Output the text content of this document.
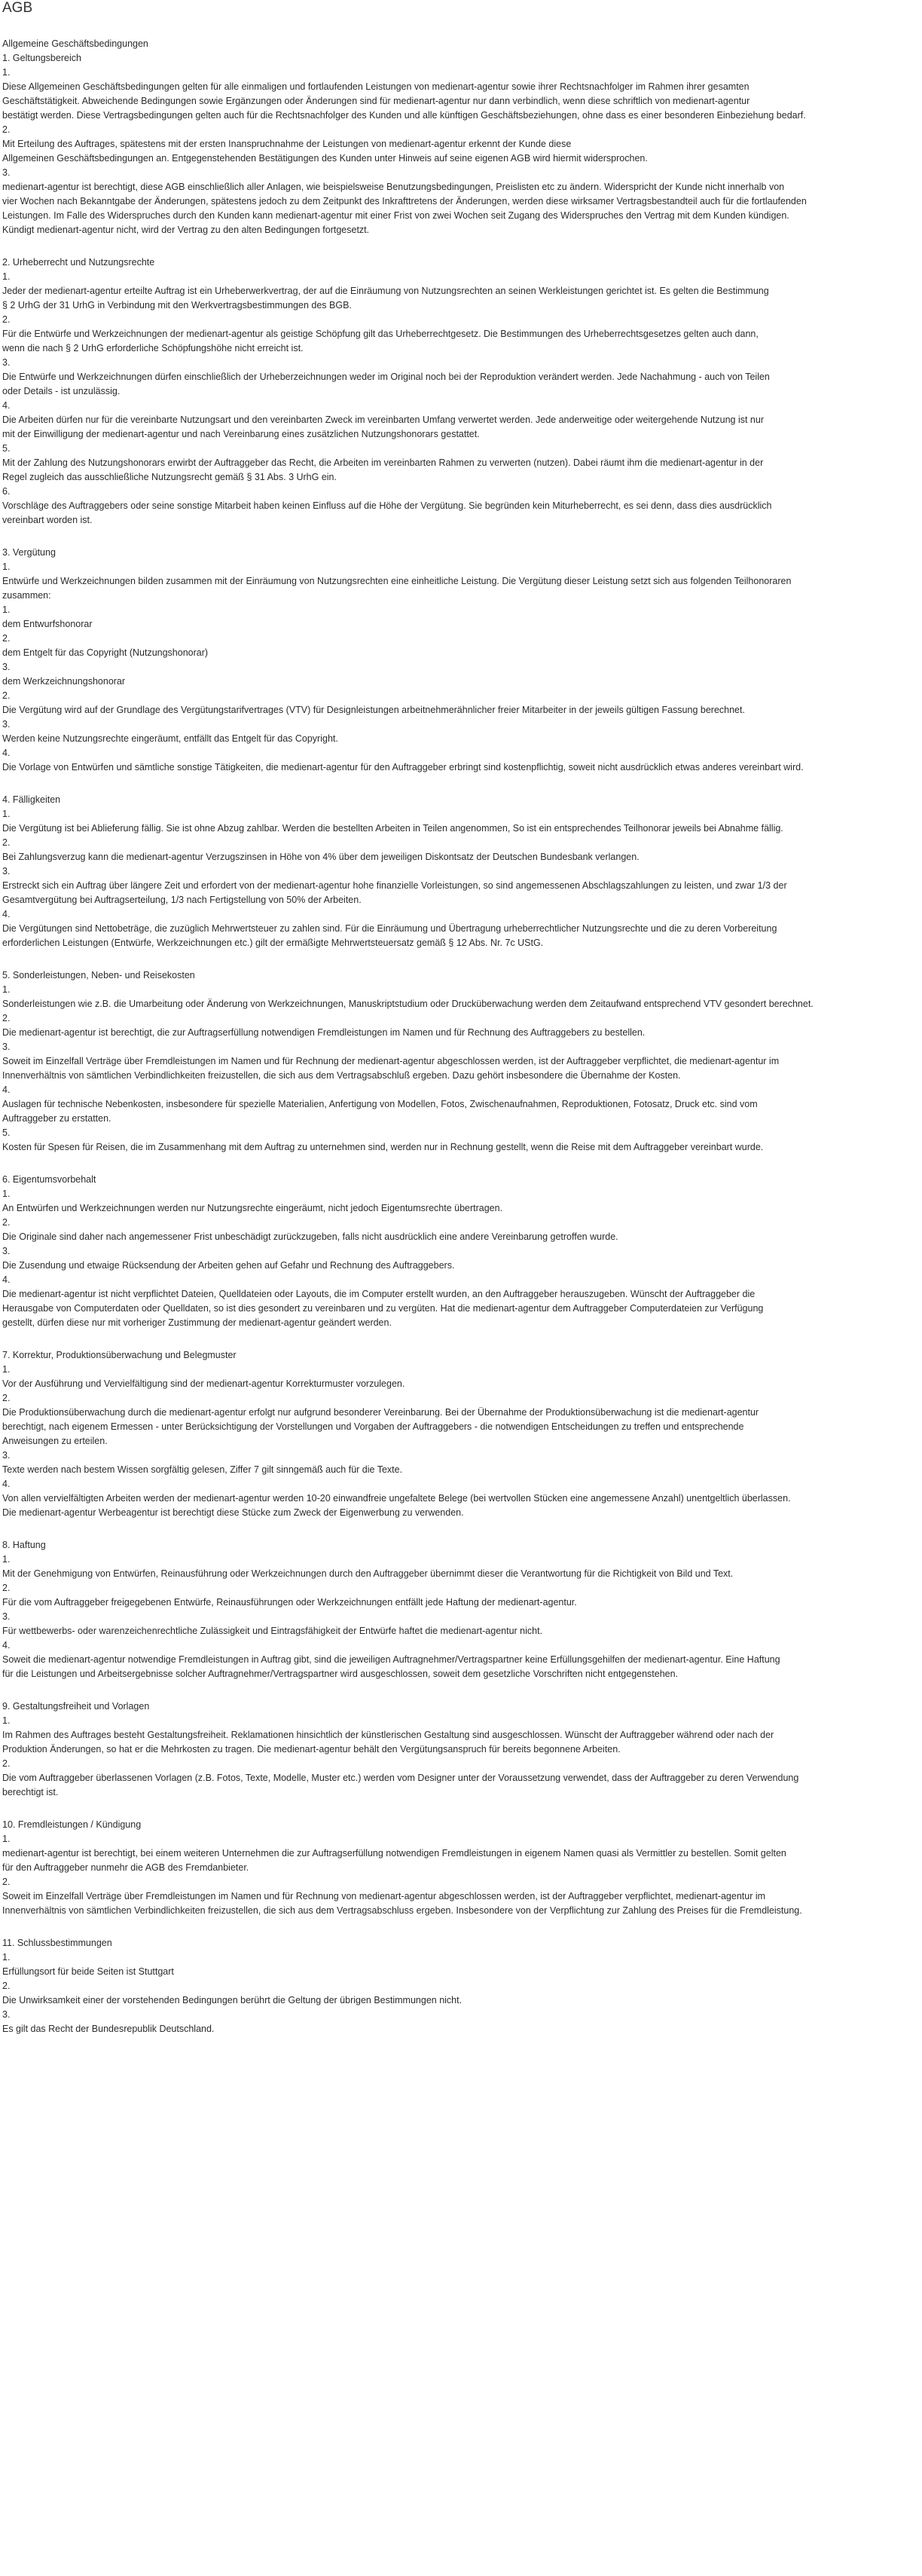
AGB
Allgemeine Geschäftsbedingungen
1. Geltungsbereich
1.
Diese Allgemeinen Geschäftsbedingungen gelten für alle einmaligen und fortlaufenden Leistungen von medienart-agentur sowie ihrer Rechtsnachfolger im Rahmen ihrer gesamten
Geschäftstätigkeit. Abweichende Bedingungen sowie Ergänzungen oder Änderungen sind für medienart-agentur nur dann verbindlich, wenn diese schriftlich von medienart-agentur
bestätigt werden. Diese Vertragsbedingungen gelten auch für die Rechtsnachfolger des Kunden und alle künftigen Geschäftsbeziehungen, ohne dass es einer besonderen Einbeziehung bedarf.
2.
Mit Erteilung des Auftrages, spätestens mit der ersten Inanspruchnahme der Leistungen von medienart-agentur erkennt der Kunde diese
Allgemeinen Geschäftsbedingungen an. Entgegenstehenden Bestätigungen des Kunden unter Hinweis auf seine eigenen AGB wird hiermit widersprochen.
3.
medienart-agentur ist berechtigt, diese AGB einschließlich aller Anlagen, wie beispielsweise Benutzungsbedingungen, Preislisten etc zu ändern. Widerspricht der Kunde nicht innerhalb von
vier Wochen nach Bekanntgabe der Änderungen, spätestens jedoch zu dem Zeitpunkt des Inkrafttretens der Änderungen, werden diese wirksamer Vertragsbestandteil auch für die fortlaufenden
Leistungen. Im Falle des Widerspruches durch den Kunden kann medienart-agentur mit einer Frist von zwei Wochen seit Zugang des Widerspruches den Vertrag mit dem Kunden kündigen.
Kündigt medienart-agentur nicht, wird der Vertrag zu den alten Bedingungen fortgesetzt.
2. Urheberrecht und Nutzungsrechte
1.
Jeder der medienart-agentur erteilte Auftrag ist ein Urheberwerkvertrag, der auf die Einräumung von Nutzungsrechten an seinen Werkleistungen gerichtet ist. Es gelten die Bestimmung
§ 2 UrhG der 31 UrhG in Verbindung mit den Werkvertragsbestimmungen des BGB.
2.
Für die Entwürfe und Werkzeichnungen der medienart-agentur als geistige Schöpfung gilt das Urheberrechtgesetz. Die Bestimmungen des Urheberrechtsgesetzes gelten auch dann,
wenn die nach § 2 UrhG erforderliche Schöpfungshöhe nicht erreicht ist.
3.
Die Entwürfe und Werkzeichnungen dürfen einschließlich der Urheberzeichnungen weder im Original noch bei der Reproduktion verändert werden. Jede Nachahmung - auch von Teilen
oder Details - ist unzulässig.
4.
Die Arbeiten dürfen nur für die vereinbarte Nutzungsart und den vereinbarten Zweck im vereinbarten Umfang verwertet werden. Jede anderweitige oder weitergehende Nutzung ist nur
mit der Einwilligung der medienart-agentur und nach Vereinbarung eines zusätzlichen Nutzungshonorars gestattet.
5.
Mit der Zahlung des Nutzungshonorars erwirbt der Auftraggeber das Recht, die Arbeiten im vereinbarten Rahmen zu verwerten (nutzen). Dabei räumt ihm die medienart-agentur in der
Regel zugleich das ausschließliche Nutzungsrecht gemäß § 31 Abs. 3 UrhG ein.
6.
Vorschläge des Auftraggebers oder seine sonstige Mitarbeit haben keinen Einfluss auf die Höhe der Vergütung. Sie begründen kein Miturheberrecht, es sei denn, dass dies ausdrücklich
vereinbart worden ist.
3. Vergütung
1.
Entwürfe und Werkzeichnungen bilden zusammen mit der Einräumung von Nutzungsrechten eine einheitliche Leistung. Die Vergütung dieser Leistung setzt sich aus folgenden Teilhonoraren
zusammen:
1.
dem Entwurfshonorar
2.
dem Entgelt für das Copyright (Nutzungshonorar)
3.
dem Werkzeichnungshonorar
2.
Die Vergütung wird auf der Grundlage des Vergütungstarifvertrages (VTV) für Designleistungen arbeitnehmerähnlicher freier Mitarbeiter in der jeweils gültigen Fassung berechnet.
3.
Werden keine Nutzungsrechte eingeräumt, entfällt das Entgelt für das Copyright.
4.
Die Vorlage von Entwürfen und sämtliche sonstige Tätigkeiten, die medienart-agentur für den Auftraggeber erbringt sind kostenpflichtig, soweit nicht ausdrücklich etwas anderes vereinbart wird.
4. Fälligkeiten
1.
Die Vergütung ist bei Ablieferung fällig. Sie ist ohne Abzug zahlbar. Werden die bestellten Arbeiten in Teilen angenommen, So ist ein entsprechendes Teilhonorar jeweils bei Abnahme fällig.
2.
Bei Zahlungsverzug kann die medienart-agentur Verzugszinsen in Höhe von 4% über dem jeweiligen Diskontsatz der Deutschen Bundesbank verlangen.
3.
Erstreckt sich ein Auftrag über längere Zeit und erfordert von der medienart-agentur hohe finanzielle Vorleistungen, so sind angemessenen Abschlagszahlungen zu leisten, und zwar 1/3 der
Gesamtvergütung bei Auftragserteilung, 1/3 nach Fertigstellung von 50% der Arbeiten.
4.
Die Vergütungen sind Nettobeträge, die zuzüglich Mehrwertsteuer zu zahlen sind. Für die Einräumung und Übertragung urheberrechtlicher Nutzungsrechte und die zu deren Vorbereitung
erforderlichen Leistungen (Entwürfe, Werkzeichnungen etc.) gilt der ermäßigte Mehrwertsteuersatz gemäß § 12 Abs. Nr. 7c UStG.
5. Sonderleistungen, Neben- und Reisekosten
1.
Sonderleistungen wie z.B. die Umarbeitung oder Änderung von Werkzeichnungen, Manuskriptstudium oder Drucküberwachung werden dem Zeitaufwand entsprechend VTV gesondert berechnet.
2.
Die medienart-agentur ist berechtigt, die zur Auftragserfüllung notwendigen Fremdleistungen im Namen und für Rechnung des Auftraggebers zu bestellen.
3.
Soweit im Einzelfall Verträge über Fremdleistungen im Namen und für Rechnung der medienart-agentur abgeschlossen werden, ist der Auftraggeber verpflichtet, die medienart-agentur im
Innenverhältnis von sämtlichen Verbindlichkeiten freizustellen, die sich aus dem Vertragsabschluß ergeben. Dazu gehört insbesondere die Übernahme der Kosten.
4.
Auslagen für technische Nebenkosten, insbesondere für spezielle Materialien, Anfertigung von Modellen, Fotos, Zwischenaufnahmen, Reproduktionen, Fotosatz, Druck etc. sind vom
Auftraggeber zu erstatten.
5.
Kosten für Spesen für Reisen, die im Zusammenhang mit dem Auftrag zu unternehmen sind, werden nur in Rechnung gestellt, wenn die Reise mit dem Auftraggeber vereinbart wurde.
6. Eigentumsvorbehalt
1.
An Entwürfen und Werkzeichnungen werden nur Nutzungsrechte eingeräumt, nicht jedoch Eigentumsrechte übertragen.
2.
Die Originale sind daher nach angemessener Frist unbeschädigt zurückzugeben, falls nicht ausdrücklich eine andere Vereinbarung getroffen wurde.
3.
Die Zusendung und etwaige Rücksendung der Arbeiten gehen auf Gefahr und Rechnung des Auftraggebers.
4.
Die medienart-agentur ist nicht verpflichtet Dateien, Quelldateien oder Layouts, die im Computer erstellt wurden, an den Auftraggeber herauszugeben. Wünscht der Auftraggeber die
Herausgabe von Computerdaten oder Quelldaten, so ist dies gesondert zu vereinbaren und zu vergüten. Hat die medienart-agentur dem Auftraggeber Computerdateien zur Verfügung
gestellt, dürfen diese nur mit vorheriger Zustimmung der medienart-agentur geändert werden.
7. Korrektur, Produktionsüberwachung und Belegmuster
1.
Vor der Ausführung und Vervielfältigung sind der medienart-agentur Korrekturmuster vorzulegen.
2.
Die Produktionsüberwachung durch die medienart-agentur erfolgt nur aufgrund besonderer Vereinbarung. Bei der Übernahme der Produktionsüberwachung ist die medienart-agentur
berechtigt, nach eigenem Ermessen - unter Berücksichtigung der Vorstellungen und Vorgaben der Auftraggebers - die notwendigen Entscheidungen zu treffen und entsprechende
Anweisungen zu erteilen.
3.
Texte werden nach bestem Wissen sorgfältig gelesen, Ziffer 7 gilt sinngemäß auch für die Texte.
4.
Von allen vervielfältigten Arbeiten werden der medienart-agentur werden 10-20 einwandfreie ungefaltete Belege (bei wertvollen Stücken eine angemessene Anzahl) unentgeltlich überlassen.
Die medienart-agentur Werbeagentur ist berechtigt diese Stücke zum Zweck der Eigenwerbung zu verwenden.
8. Haftung
1.
Mit der Genehmigung von Entwürfen, Reinausführung oder Werkzeichnungen durch den Auftraggeber übernimmt dieser die Verantwortung für die Richtigkeit von Bild und Text.
2.
Für die vom Auftraggeber freigegebenen Entwürfe, Reinausführungen oder Werkzeichnungen entfällt jede Haftung der medienart-agentur.
3.
Für wettbewerbs- oder warenzeichenrechtliche Zulässigkeit und Eintragsfähigkeit der Entwürfe haftet die medienart-agentur nicht.
4.
Soweit die medienart-agentur notwendige Fremdleistungen in Auftrag gibt, sind die jeweiligen Auftragnehmer/Vertragspartner keine Erfüllungsgehilfen der medienart-agentur. Eine Haftung
für die Leistungen und Arbeitsergebnisse solcher Auftragnehmer/Vertragspartner wird ausgeschlossen, soweit dem gesetzliche Vorschriften nicht entgegenstehen.
9. Gestaltungsfreiheit und Vorlagen
1.
Im Rahmen des Auftrages besteht Gestaltungsfreiheit. Reklamationen hinsichtlich der künstlerischen Gestaltung sind ausgeschlossen. Wünscht der Auftraggeber während oder nach der
Produktion Änderungen, so hat er die Mehrkosten zu tragen. Die medienart-agentur behält den Vergütungsanspruch für bereits begonnene Arbeiten.
2.
Die vom Auftraggeber überlassenen Vorlagen (z.B. Fotos, Texte, Modelle, Muster etc.) werden vom Designer unter der Voraussetzung verwendet, dass der Auftraggeber zu deren Verwendung
berechtigt ist.
10. Fremdleistungen / Kündigung
1.
medienart-agentur ist berechtigt, bei einem weiteren Unternehmen die zur Auftragserfüllung notwendigen Fremdleistungen in eigenem Namen quasi als Vermittler zu bestellen. Somit gelten
für den Auftraggeber nunmehr die AGB des Fremdanbieter.
2.
Soweit im Einzelfall Verträge über Fremdleistungen im Namen und für Rechnung von medienart-agentur abgeschlossen werden, ist der Auftraggeber verpflichtet, medienart-agentur im
Innenverhältnis von sämtlichen Verbindlichkeiten freizustellen, die sich aus dem Vertragsabschluss ergeben. Insbesondere von der Verpflichtung zur Zahlung des Preises für die Fremdleistung.
11. Schlussbestimmungen
1.
Erfüllungsort für beide Seiten ist Stuttgart
2.
Die Unwirksamkeit einer der vorstehenden Bedingungen berührt die Geltung der übrigen Bestimmungen nicht.
3.
Es gilt das Recht der Bundesrepublik Deutschland.
